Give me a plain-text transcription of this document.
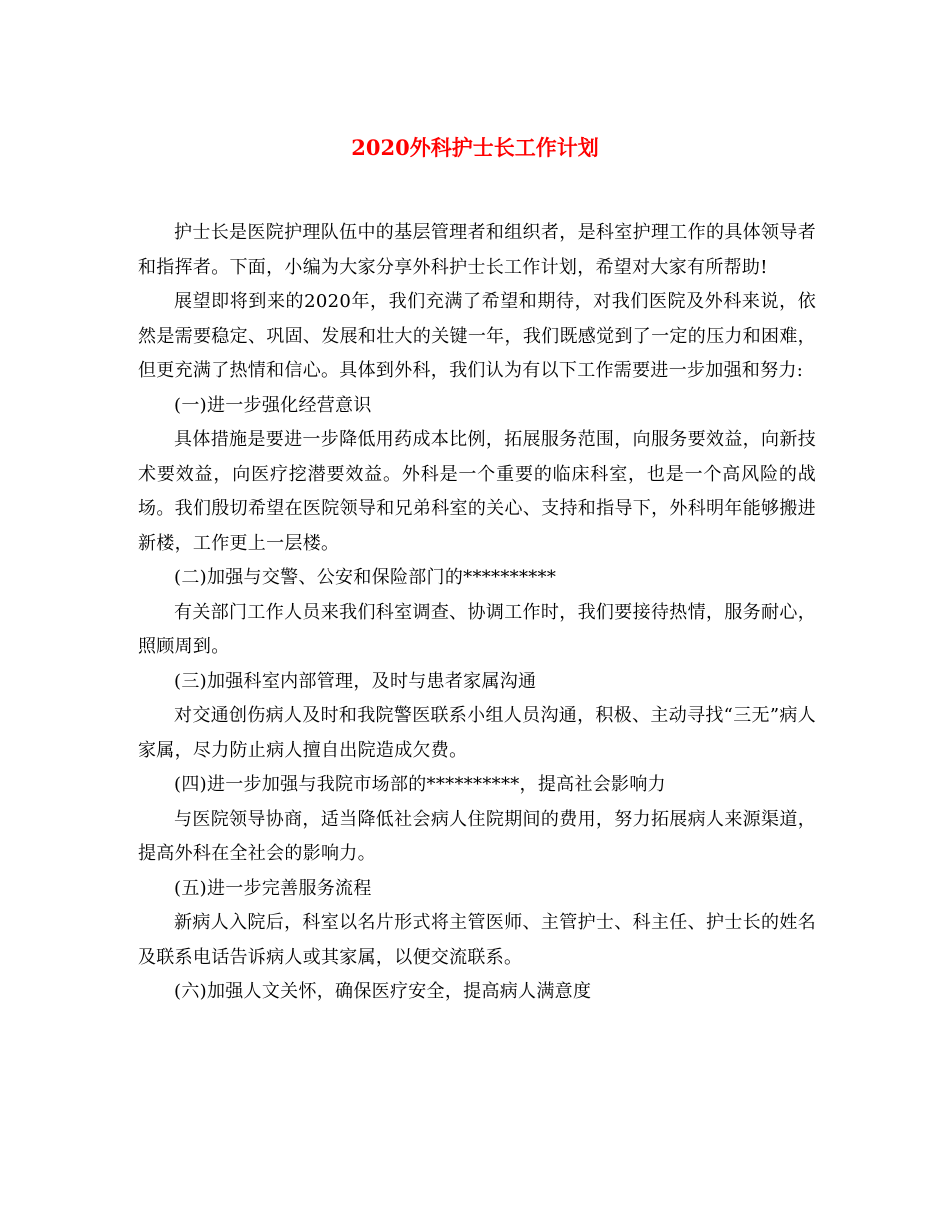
2020外科护士长工作计划

护士长是医院护理队伍中的基层管理者和组织者，是科室护理工作的具体领导者和指挥者。下面，小编为大家分享外科护士长工作计划，希望对大家有所帮助!

展望即将到来的2020年，我们充满了希望和期待，对我们医院及外科来说，依然是需要稳定、巩固、发展和壮大的关键一年，我们既感觉到了一定的压力和困难，但更充满了热情和信心。具体到外科，我们认为有以下工作需要进一步加强和努力:

(一)进一步强化经营意识

具体措施是要进一步降低用药成本比例，拓展服务范围，向服务要效益，向新技术要效益，向医疗挖潜要效益。外科是一个重要的临床科室，也是一个高风险的战场。我们殷切希望在医院领导和兄弟科室的关心、支持和指导下，外科明年能够搬进新楼，工作更上一层楼。

(二)加强与交警、公安和保险部门的**********

有关部门工作人员来我们科室调查、协调工作时，我们要接待热情，服务耐心，照顾周到。

(三)加强科室内部管理，及时与患者家属沟通

对交通创伤病人及时和我院警医联系小组人员沟通，积极、主动寻找“三无”病人家属，尽力防止病人擅自出院造成欠费。

(四)进一步加强与我院市场部的**********，提高社会影响力

与医院领导协商，适当降低社会病人住院期间的费用，努力拓展病人来源渠道，提高外科在全社会的影响力。

(五)进一步完善服务流程

新病人入院后，科室以名片形式将主管医师、主管护士、科主任、护士长的姓名及联系电话告诉病人或其家属，以便交流联系。

(六)加强人文关怀，确保医疗安全，提高病人满意度
